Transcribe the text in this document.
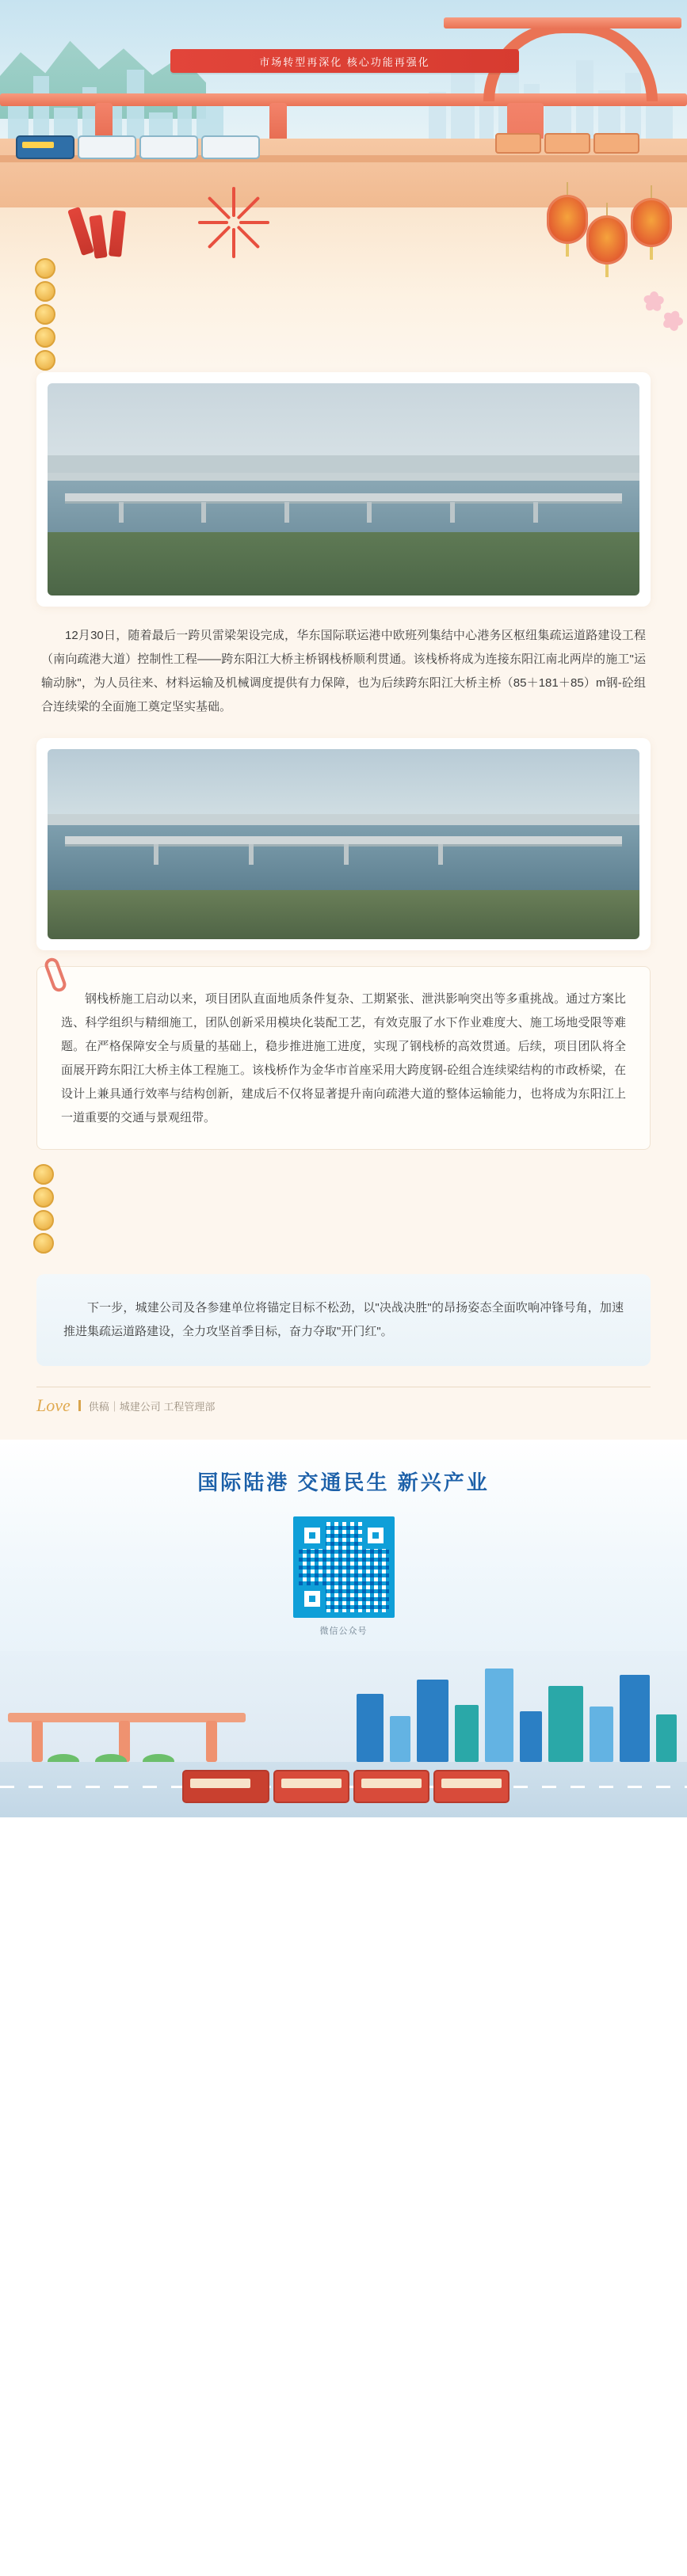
市场转型再深化 核心功能再强化
12月30日，随着最后一跨贝雷梁架设完成，华东国际联运港中欧班列集结中心港务区枢纽集疏运道路建设工程（南向疏港大道）控制性工程——跨东阳江大桥主桥钢栈桥顺利贯通。该栈桥将成为连接东阳江南北两岸的施工"运输动脉"，为人员往来、材料运输及机械调度提供有力保障，也为后续跨东阳江大桥主桥（85＋181＋85）m钢-砼组合连续梁的全面施工奠定坚实基础。

钢栈桥施工启动以来，项目团队直面地质条件复杂、工期紧张、泄洪影响突出等多重挑战。通过方案比选、科学组织与精细施工，团队创新采用模块化装配工艺，有效克服了水下作业难度大、施工场地受限等难题。在严格保障安全与质量的基础上，稳步推进施工进度，实现了钢栈桥的高效贯通。后续，项目团队将全面展开跨东阳江大桥主体工程施工。该栈桥作为金华市首座采用大跨度钢-砼组合连续梁结构的市政桥梁，在设计上兼具通行效率与结构创新，建成后不仅将显著提升南向疏港大道的整体运输能力，也将成为东阳江上一道重要的交通与景观纽带。

下一步，城建公司及各参建单位将锚定目标不松劲，以"决战决胜"的昂扬姿态全面吹响冲锋号角，加速推进集疏运道路建设，全力攻坚首季目标，奋力夺取"开门红"。

Love 供稿｜城建公司 工程管理部
国际陆港 交通民生 新兴产业
微信公众号
